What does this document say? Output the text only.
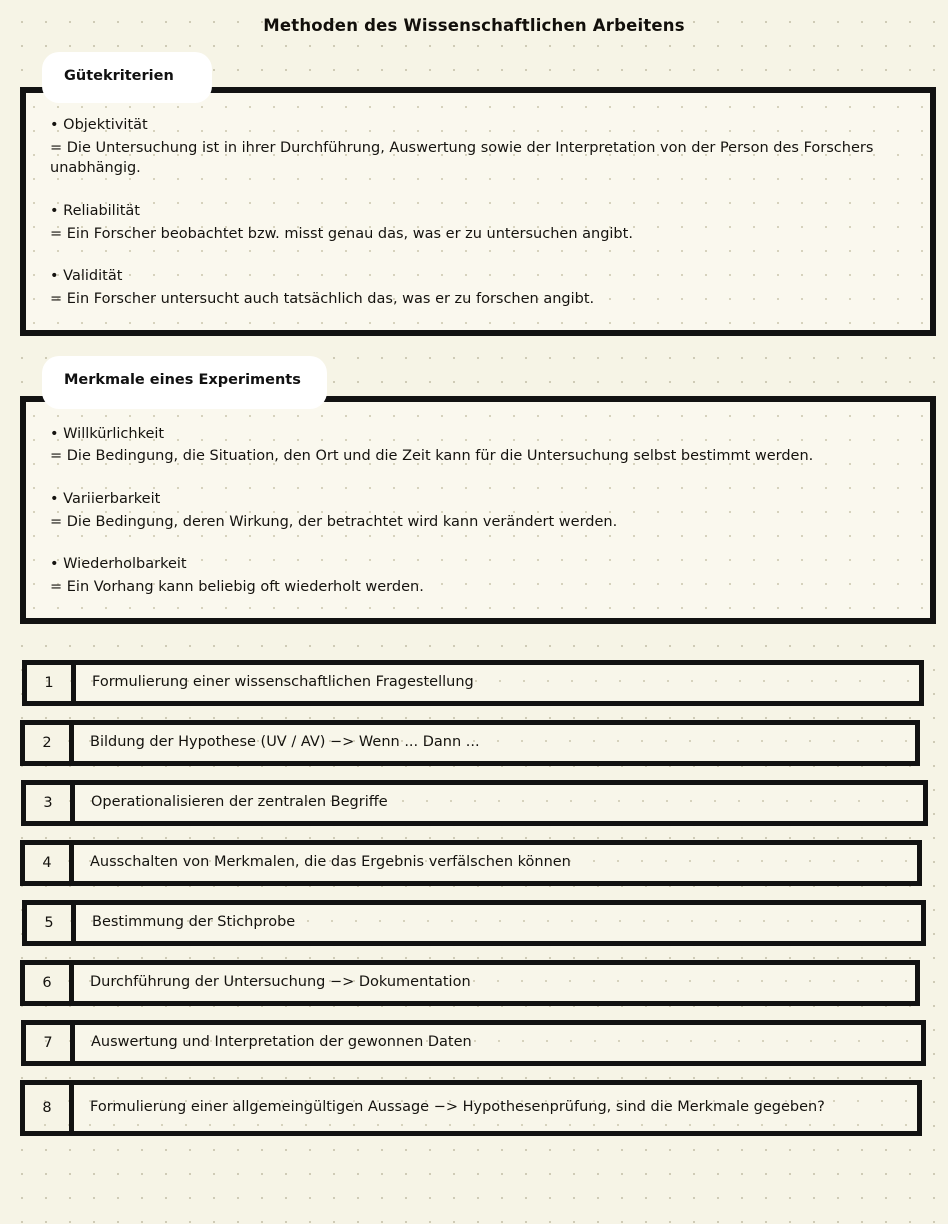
Methoden des Wissenschaftlichen Arbeitens
Gütekriterien

• Objektivität

= Die Untersuchung ist in ihrer Durchführung, Auswertung sowie der Interpretation von der Person des Forschers unabhängig.

• Reliabilität

= Ein Forscher beobachtet bzw. misst genau das, was er zu untersuchen angibt.

• Validität

= Ein Forscher untersucht auch tatsächlich das, was er zu forschen angibt.

Merkmale eines Experiments

• Willkürlichkeit

= Die Bedingung, die Situation, den Ort und die Zeit kann für die Untersuchung selbst bestimmt werden.

• Variierbarkeit

= Die Bedingung, deren Wirkung, der betrachtet wird kann verändert werden.

• Wiederholbarkeit

= Ein Vorhang kann beliebig oft wiederholt werden.

1	Formulierung einer wissenschaftlichen Fragestellung
2	Bildung der Hypothese (UV / AV) −> Wenn ... Dann ...
3	Operationalisieren der zentralen Begriffe
4	Ausschalten von Merkmalen, die das Ergebnis verfälschen können
5	Bestimmung der Stichprobe
6	Durchführung der Untersuchung −> Dokumentation
7	Auswertung und Interpretation der gewonnen Daten
8	Formulierung einer allgemeingültigen Aussage −> Hypothesenprüfung, sind die Merkmale gegeben?
